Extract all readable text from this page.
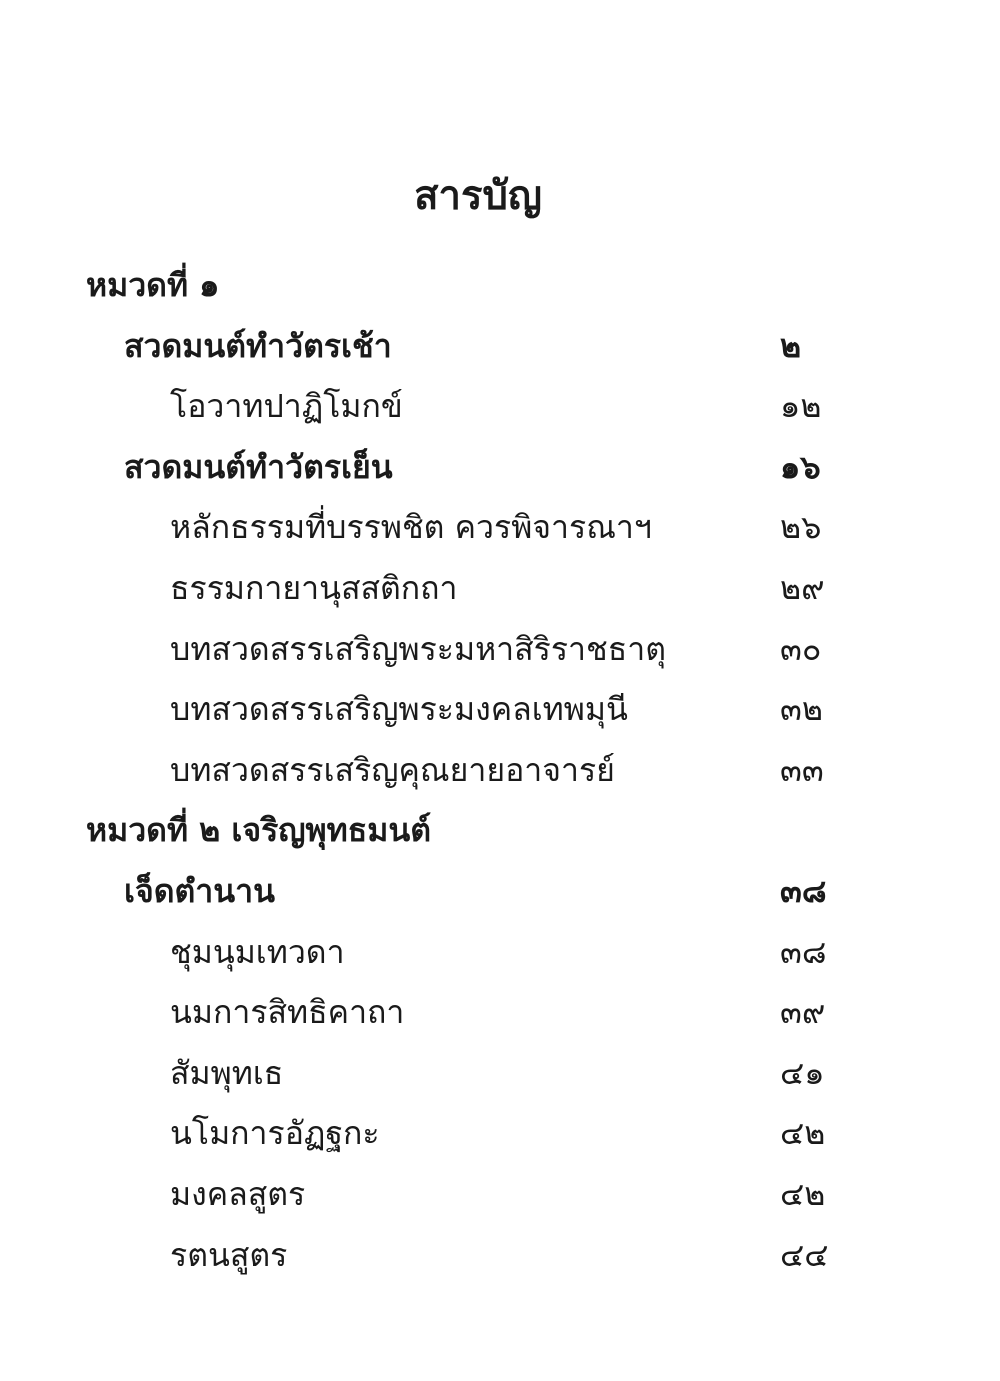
สารบัญ
หมวดที่ ๑
สวดมนต์ทำวัตรเช้า	๒
โอวาทปาฏิโมกข์	๑๒
สวดมนต์ทำวัตรเย็น	๑๖
หลักธรรมที่บรรพชิต ควรพิจารณาฯ	๒๖
ธรรมกายานุสสติกถา	๒๙
บทสวดสรรเสริญพระมหาสิริราชธาตุ	๓๐
บทสวดสรรเสริญพระมงคลเทพมุนี	๓๒
บทสวดสรรเสริญคุณยายอาจารย์	๓๓
หมวดที่ ๒ เจริญพุทธมนต์
เจ็ดตำนาน	๓๘
ชุมนุมเทวดา	๓๘
นมการสิทธิคาถา	๓๙
สัมพุทเธ	๔๑
นโมการอัฏฐกะ	๔๒
มงคลสูตร	๔๒
รตนสูตร	๔๔
